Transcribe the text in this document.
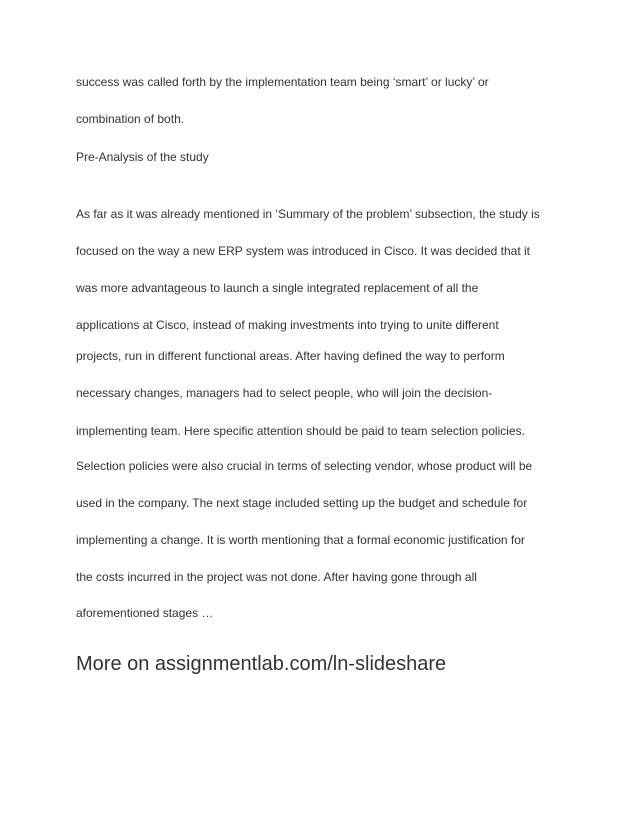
success was called forth by the implementation team being ‘smart’ or lucky’ or
combination of both.
Pre-Analysis of the study
As far as it was already mentioned in ‘Summary of the problem’ subsection, the study is
focused on the way a new ERP system was introduced in Cisco. It was decided that it
was more advantageous to launch a single integrated replacement of all the
applications at Cisco, instead of making investments into trying to unite different
projects, run in different functional areas. After having defined the way to perform
necessary changes, managers had to select people, who will join the decision-
implementing team. Here specific attention should be paid to team selection policies.
Selection policies were also crucial in terms of selecting vendor, whose product will be
used in the company. The next stage included setting up the budget and schedule for
implementing a change. It is worth mentioning that a formal economic justification for
the costs incurred in the project was not done. After having gone through all
aforementioned stages …
More on assignmentlab.com/ln-slideshare
